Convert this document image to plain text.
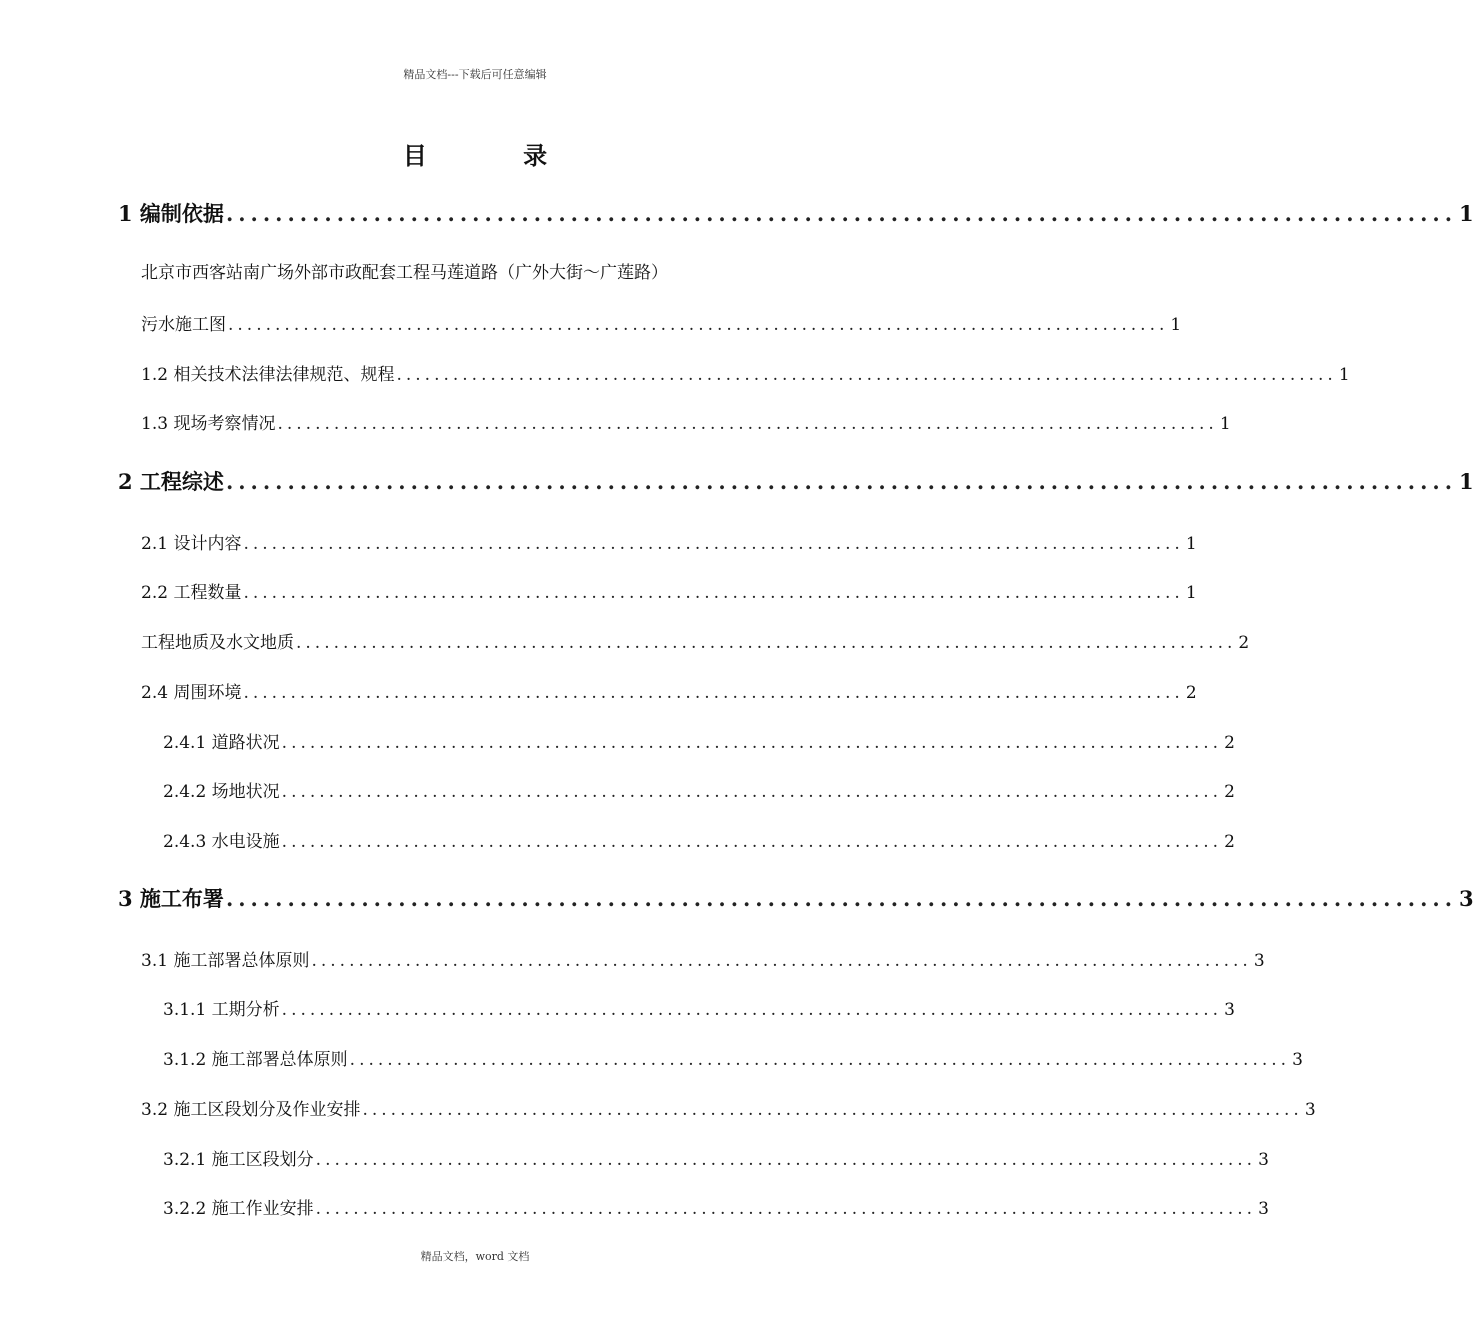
精品文档---下载后可任意编辑
目 录
北京市西客站南广场外部市政配套工程马莲道路（广外大街～广莲路）
1 编制依据 .................................................................................................... 1
污水施工图 .................................................................................................... 1
1.2 相关技术法律法律规范、规程 .................................................................................................... 1
1.3 现场考察情况 .................................................................................................... 1
2 工程综述 .................................................................................................... 1
2.1 设计内容 .................................................................................................... 1
2.2 工程数量 .................................................................................................... 1
工程地质及水文地质 .................................................................................................... 2
2.4 周围环境 .................................................................................................... 2
2.4.1 道路状况 .................................................................................................... 2
2.4.2 场地状况 .................................................................................................... 2
2.4.3 水电设施 .................................................................................................... 2
3 施工布署 .................................................................................................... 3
3.1 施工部署总体原则 .................................................................................................... 3
3.1.1 工期分析 .................................................................................................... 3
3.1.2 施工部署总体原则 .................................................................................................... 3
3.2 施工区段划分及作业安排 .................................................................................................... 3
3.2.1 施工区段划分 .................................................................................................... 3
3.2.2 施工作业安排 .................................................................................................... 3
精品文档，word 文档
